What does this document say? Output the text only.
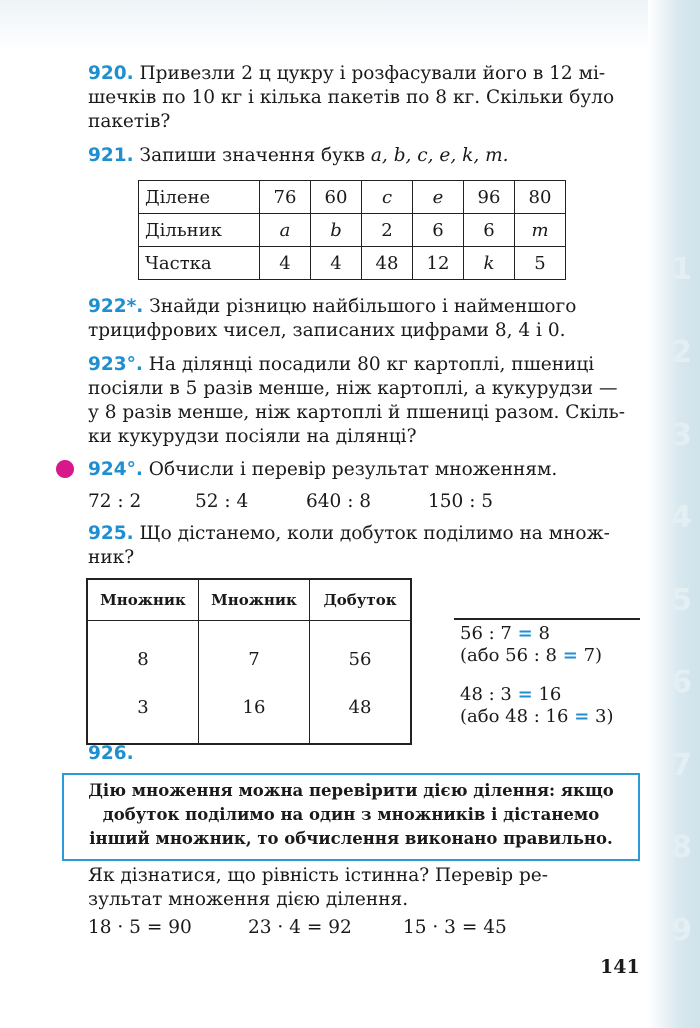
1
2
3
4
5
6
7
8
9

920. Привезли 2 ц цукру і розфасували його в 12 мі-
шечків по 10 кг і кілька пакетів по 8 кг. Скільки було
пакетів?

921. Запиши значення букв a, b, c, e, k, m.

Ділене	76	60	c	e	96	80
Дільник	a	b	2	6	6	m
Частка	4	4	48	12	k	5

922*. Знайди різницю найбільшого і найменшого
трицифрових чисел, записаних цифрами 8, 4 і 0.

923°. На ділянці посадили 80 кг картоплі, пшениці
посіяли в 5 разів менше, ніж картоплі, а кукурудзи —
у 8 разів менше, ніж картоплі й пшениці разом. Скіль-
ки кукурудзи посіяли на ділянці?

924°. Обчисли і перевір результат множенням.

72 : 2	52 : 4	640 : 8	150 : 5

925. Що дістанемо, коли добуток поділимо на множ-
ник?

Множник	Множник	Добуток
8	7	56
3	16	48
56 : 7 = 8
(або 56 : 8 = 7)
48 : 3 = 16
(або 48 : 16 = 3)

926.

Дію множення можна перевірити дією ділення: якщо
добуток поділимо на один з множників і дістанемо
інший множник, то обчислення виконано правильно.

Як дізнатися, що рівність істинна? Перевір ре-
зультат множення дією ділення.

18 · 5 = 90	23 · 4 = 92	15 · 3 = 45
141
